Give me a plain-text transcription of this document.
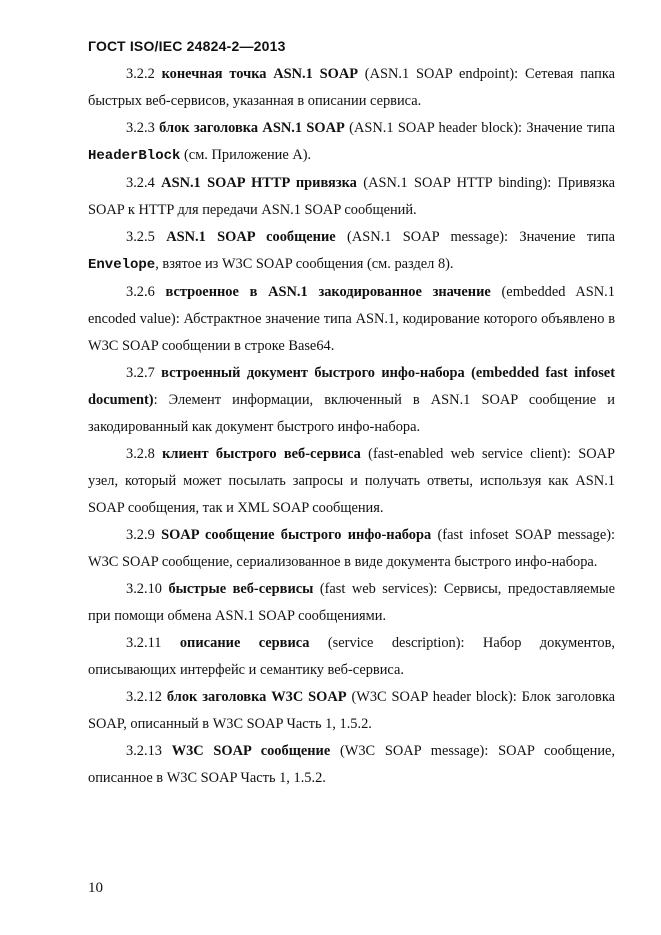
ГОСТ ISO/IEC 24824-2—2013

3.2.2 конечная точка ASN.1 SOAP (ASN.1 SOAP endpoint): Сетевая папка быстрых веб-сервисов, указанная в описании сервиса.

3.2.3 блок заголовка ASN.1 SOAP (ASN.1 SOAP header block): Значение типа HeaderBlock (см. Приложение А).

3.2.4 ASN.1 SOAP HTTP привязка (ASN.1 SOAP HTTP binding): Привязка SOAP к HTTP для передачи ASN.1 SOAP сообщений.

3.2.5 ASN.1 SOAP сообщение (ASN.1 SOAP message): Значение типа Envelope, взятое из W3C SOAP сообщения (см. раздел 8).

3.2.6 встроенное в ASN.1 закодированное значение (embedded ASN.1 encoded value): Абстрактное значение типа ASN.1, кодирование которого объявлено в W3C SOAP сообщении в строке Base64.

3.2.7 встроенный документ быстрого инфо-набора (embedded fast infoset document): Элемент информации, включенный в ASN.1 SOAP сообщение и закодированный как документ быстрого инфо-набора.

3.2.8 клиент быстрого веб-сервиса (fast-enabled web service client): SOAP узел, который может посылать запросы и получать ответы, используя как ASN.1 SOAP сообщения, так и XML SOAP сообщения.

3.2.9 SOAP сообщение быстрого инфо-набора (fast infoset SOAP message): W3C SOAP сообщение, сериализованное в виде документа быстрого инфо-набора.

3.2.10 быстрые веб-сервисы (fast web services): Сервисы, предоставляемые при помощи обмена ASN.1 SOAP сообщениями.

3.2.11 описание сервиса (service description): Набор документов, описывающих интерфейс и семантику веб-сервиса.

3.2.12 блок заголовка W3C SOAP (W3C SOAP header block): Блок заголовка SOAP, описанный в W3C SOAP Часть 1, 1.5.2.

3.2.13 W3C SOAP сообщение (W3C SOAP message): SOAP сообщение, описанное в W3C SOAP Часть 1, 1.5.2.

10
